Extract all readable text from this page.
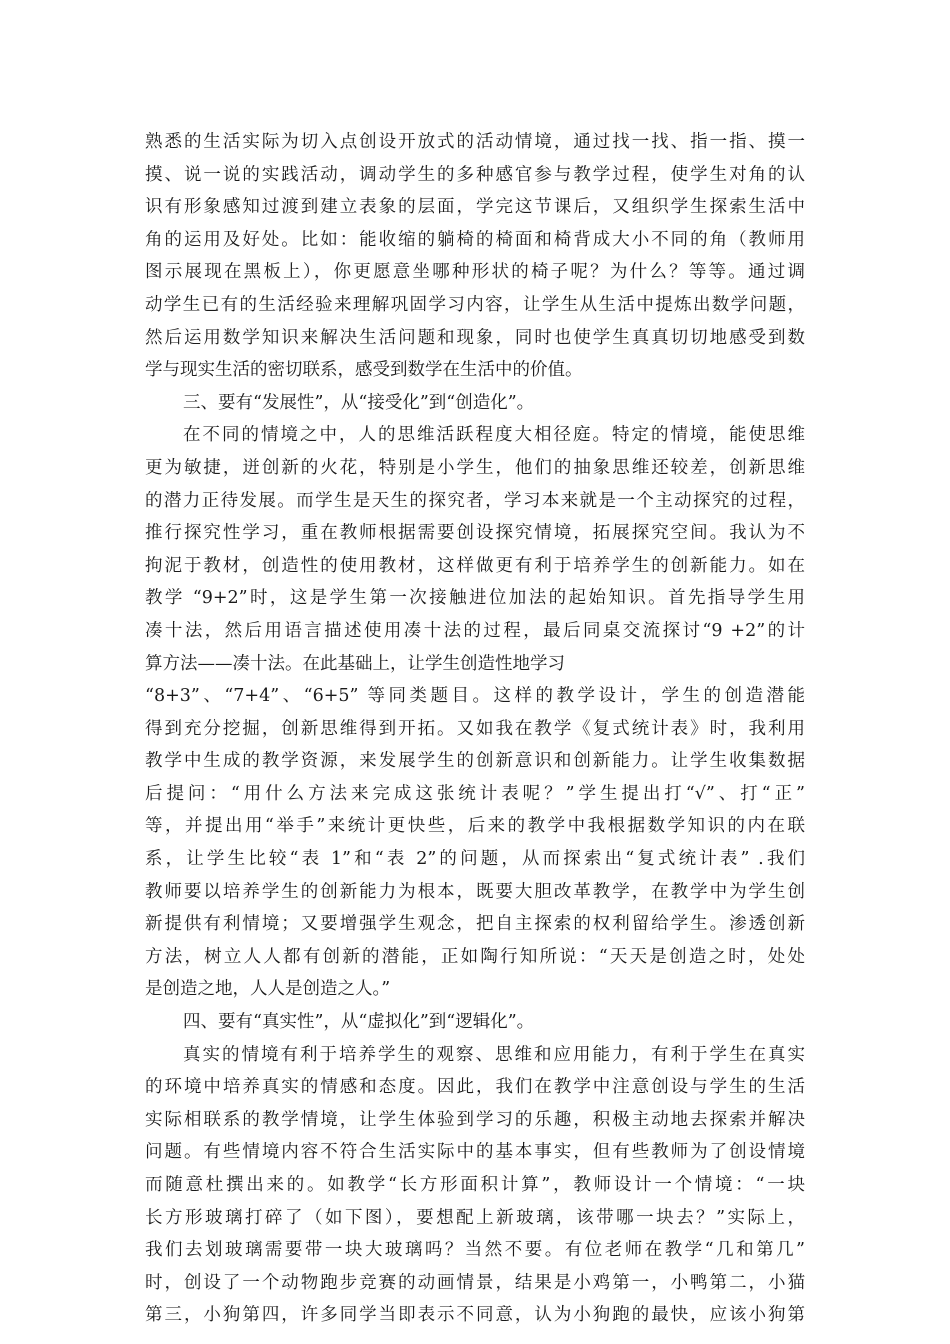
熟悉的生活实际为切入点创设开放式的活动情境，通过找一找、指一指、摸一
摸、说一说的实践活动，调动学生的多种感官参与教学过程，使学生对角的认
识有形象感知过渡到建立表象的层面，学完这节课后，又组织学生探索生活中
角的运用及好处。比如：能收缩的躺椅的椅面和椅背成大小不同的角（教师用
图示展现在黑板上），你更愿意坐哪种形状的椅子呢？为什么？等等。通过调
动学生已有的生活经验来理解巩固学习内容，让学生从生活中提炼出数学问题，
然后运用数学知识来解决生活问题和现象，同时也使学生真真切切地感受到数
学与现实生活的密切联系，感受到数学在生活中的价值。
三、要有“发展性”，从“接受化”到“创造化”。
在不同的情境之中，人的思维活跃程度大相径庭。特定的情境，能使思维
更为敏捷，迸创新的火花，特别是小学生，他们的抽象思维还较差，创新思维
的潜力正待发展。而学生是天生的探究者，学习本来就是一个主动探究的过程，
推行探究性学习，重在教师根据需要创设探究情境，拓展探究空间。我认为不
拘泥于教材，创造性的使用教材，这样做更有利于培养学生的创新能力。如在
教学 “9+2”时，这是学生第一次接触进位加法的起始知识。首先指导学生用
凑十法，然后用语言描述使用凑十法的过程，最后同桌交流探讨“9 +2”的计
算方法——凑十法。在此基础上，让学生创造性地学习
“8+3”、“7+4”、“6+5” 等同类题目。这样的教学设计，学生的创造潜能
得到充分挖掘，创新思维得到开拓。又如我在教学《复式统计表》时，我利用
教学中生成的教学资源，来发展学生的创新意识和创新能力。让学生收集数据
后提问：“用什么方法来完成这张统计表呢？”学生提出打“√”、打“正”
等，并提出用“举手”来统计更快些，后来的教学中我根据数学知识的内在联
系，让学生比较“表 1”和“表 2”的问题，从而探索出“复式统计表” .我们
教师要以培养学生的创新能力为根本，既要大胆改革教学，在教学中为学生创
新提供有利情境；又要增强学生观念，把自主探索的权利留给学生。渗透创新
方法，树立人人都有创新的潜能，正如陶行知所说：“天天是创造之时，处处
是创造之地，人人是创造之人。”
四、要有“真实性”，从“虚拟化”到“逻辑化”。
真实的情境有利于培养学生的观察、思维和应用能力，有利于学生在真实
的环境中培养真实的情感和态度。因此，我们在教学中注意创设与学生的生活
实际相联系的教学情境，让学生体验到学习的乐趣，积极主动地去探索并解决
问题。有些情境内容不符合生活实际中的基本事实，但有些教师为了创设情境
而随意杜撰出来的。如教学“长方形面积计算”，教师设计一个情境：“一块
长方形玻璃打碎了（如下图），要想配上新玻璃，该带哪一块去？”实际上，
我们去划玻璃需要带一块大玻璃吗？当然不要。有位老师在教学“几和第几”
时，创设了一个动物跑步竞赛的动画情景，结果是小鸡第一，小鸭第二，小猫
第三，小狗第四，许多同学当即表示不同意，认为小狗跑的最快，应该小狗第
